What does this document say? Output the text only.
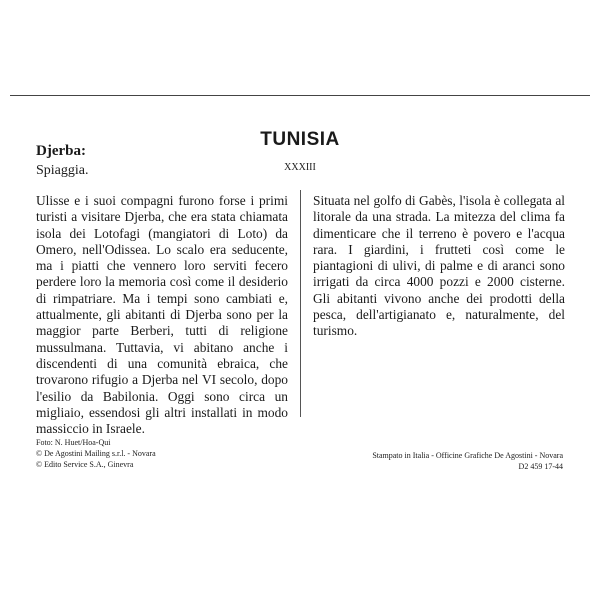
TUNISIA
XXXIII
Djerba:
Spiaggia.
Ulisse e i suoi compagni furono forse i primi turisti a visitare Djerba, che era stata chiamata isola dei Lotofagi (mangiatori di Loto) da Omero, nell'Odissea. Lo scalo era seducente, ma i piatti che vennero loro serviti fecero perdere loro la memoria così come il desiderio di rimpatriare. Ma i tempi sono cambiati e, attualmente, gli abitanti di Djerba sono per la maggior parte Berberi, tutti di religione mussulmana. Tuttavia, vi abitano anche i discendenti di una comunità ebraica, che trovarono rifugio a Djerba nel VI secolo, dopo l'esilio da Babilonia. Oggi sono circa un migliaio, essendosi gli altri installati in modo massiccio in Israele.
Situata nel golfo di Gabès, l'isola è collegata al litorale da una strada. La mitezza del clima fa dimenticare che il terreno è povero e l'acqua rara. I giardini, i frutteti così come le piantagioni di ulivi, di palme e di aranci sono irrigati da circa 4000 pozzi e 2000 cisterne. Gli abitanti vivono anche dei prodotti della pesca, dell'artigianato e, naturalmente, del turismo.
Foto: N. Huet/Hoa-Qui
© De Agostini Mailing s.r.l. - Novara
© Edito Service S.A., Ginevra
Stampato in Italia - Officine Grafiche De Agostini - Novara
D2 459 17-44
